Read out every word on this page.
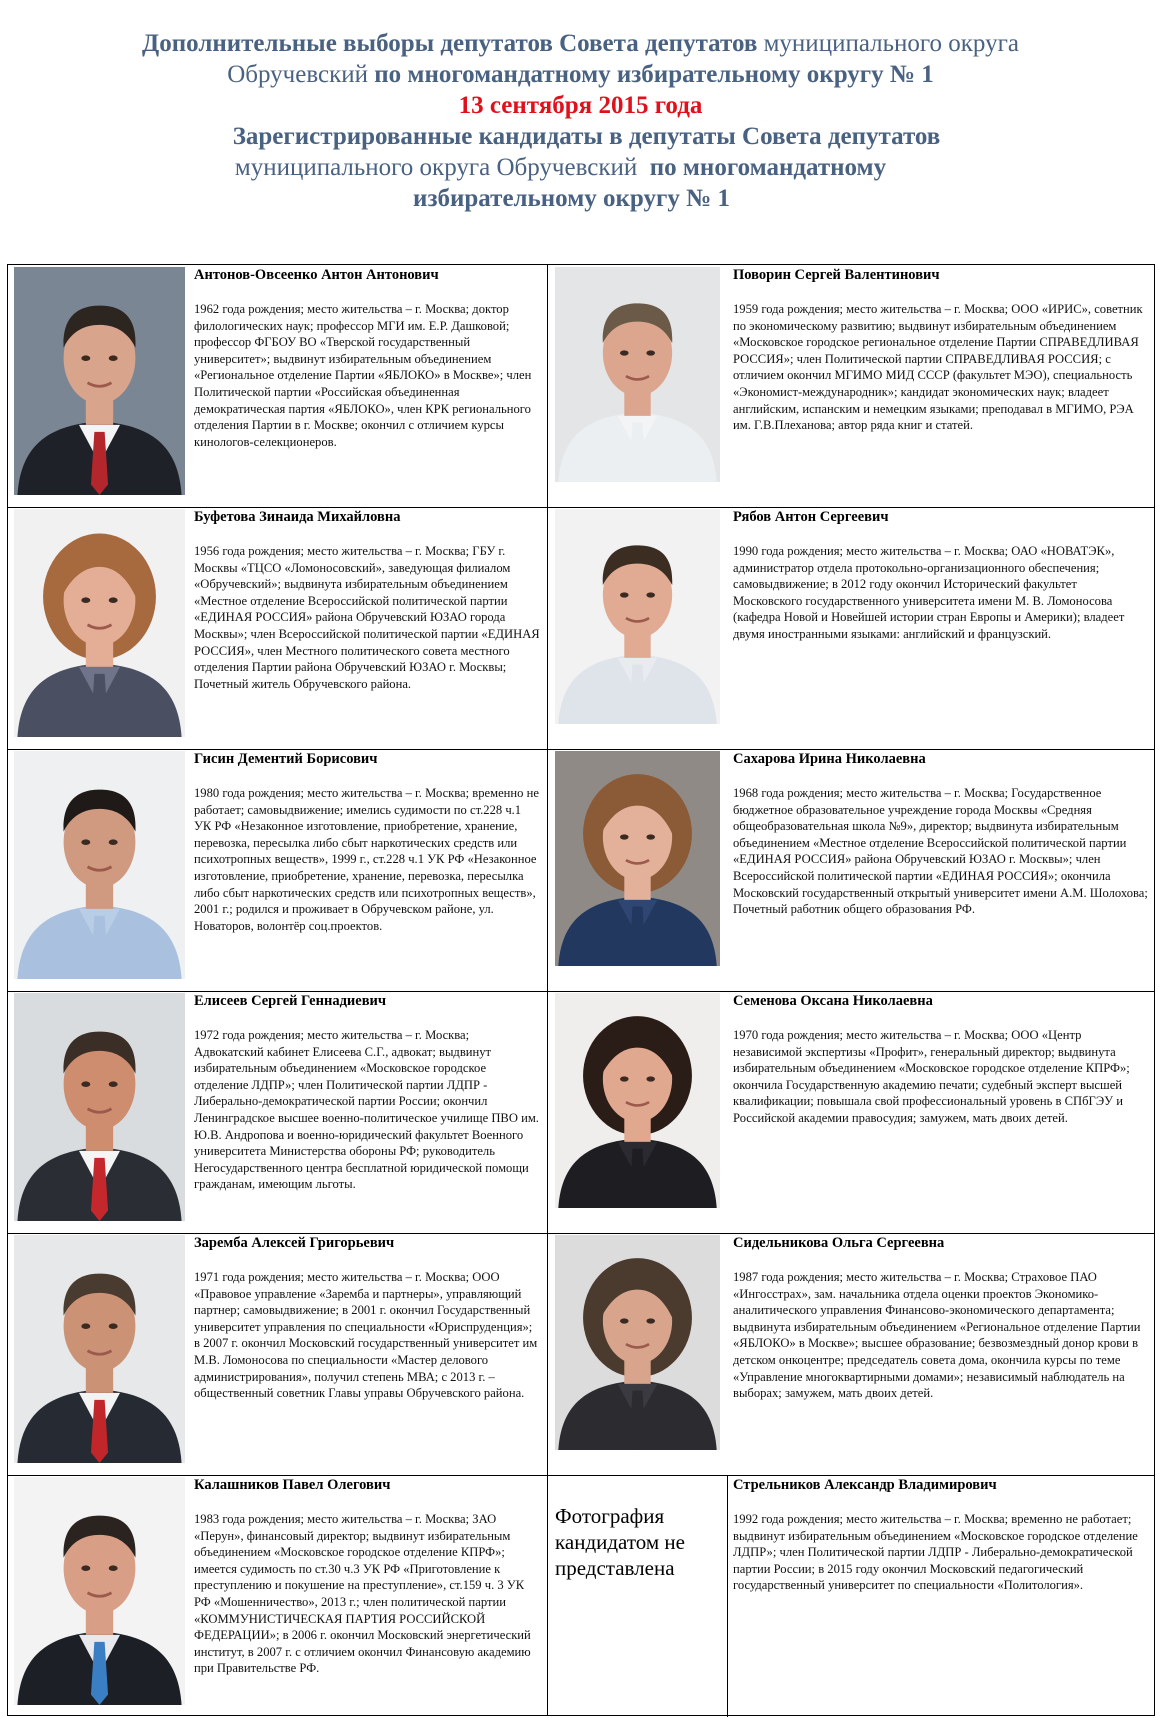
Дополнительные выборы депутатов Совета депутатов муниципального округа
Обручевский по многомандатному избирательному округу № 1
13 сентября 2015 года
Зарегистрированные кандидаты в депутаты Совета депутатов
муниципального округа Обручевский по многомандатному
избирательному округу № 1
Антонов-Овсеенко Антон Антонович
1962 года рождения; место жительства – г. Москва; доктор филологических наук; профессор МГИ им. Е.Р. Дашковой; профессор ФГБОУ ВО «Тверской государственный университет»; выдвинут избирательным объединением «Региональное отделение Партии «ЯБЛОКО» в Москве»; член Политической партии «Российская объединенная демократическая партия «ЯБЛОКО», член КРК регионального отделения Партии в г. Москве; окончил с отличием курсы кинологов-селекционеров.
Поворин Сергей Валентинович
1959 года рождения; место жительства – г. Москва; ООО «ИРИС», советник по экономическому развитию; выдвинут избирательным объединением «Московское городское региональное отделение Партии СПРАВЕДЛИВАЯ РОССИЯ»; член Политической партии СПРАВЕДЛИВАЯ РОССИЯ; с отличием окончил МГИМО МИД СССР (факультет МЭО), специальность «Экономист-международник»; кандидат экономических наук; владеет английским, испанским и немецким языками; преподавал в МГИМО, РЭА им. Г.В.Плеханова; автор ряда книг и статей.
Буфетова Зинаида Михайловна
1956 года рождения; место жительства – г. Москва; ГБУ г. Москвы «ТЦСО «Ломоносовский», заведующая филиалом «Обручевский»; выдвинута избирательным объединением «Местное отделение Всероссийской политической партии «ЕДИНАЯ РОССИЯ» района Обручевский ЮЗАО города Москвы»; член Всероссийской политической партии «ЕДИНАЯ РОССИЯ», член Местного политического совета местного отделения Партии района Обручевский ЮЗАО г. Москвы; Почетный житель Обручевского района.
Рябов Антон Сергеевич
1990 года рождения; место жительства – г. Москва; ОАО «НОВАТЭК», администратор отдела протокольно-организационного обеспечения; самовыдвижение; в 2012 году окончил Исторический факультет Московского государственного университета имени М. В. Ломоносова (кафедра Новой и Новейшей истории стран Европы и Америки); владеет двумя иностранными языками: английский и французский.
Гисин Дементий Борисович
1980 года рождения; место жительства – г. Москва; временно не работает; самовыдвижение; имелись судимости по ст.228 ч.1 УК РФ «Незаконное изготовление, приобретение, хранение, перевозка, пересылка либо сбыт наркотических средств или психотропных веществ», 1999 г., ст.228 ч.1 УК РФ «Незаконное изготовление, приобретение, хранение, перевозка, пересылка либо сбыт наркотических средств или психотропных веществ», 2001 г.; родился и проживает в Обручевском районе, ул. Новаторов, волонтёр соц.проектов.
Сахарова Ирина Николаевна
1968 года рождения; место жительства – г. Москва; Государственное бюджетное образовательное учреждение города Москвы «Средняя общеобразовательная школа №9», директор; выдвинута избирательным объединением «Местное отделение Всероссийской политической партии «ЕДИНАЯ РОССИЯ» района Обручевский ЮЗАО г. Москвы»; член Всероссийской политической партии «ЕДИНАЯ РОССИЯ»; окончила Московский государственный открытый университет имени А.М. Шолохова; Почетный работник общего образования РФ.
Елисеев Сергей Геннадиевич
1972 года рождения; место жительства – г. Москва; Адвокатский кабинет Елисеева С.Г., адвокат; выдвинут избирательным объединением «Московское городское отделение ЛДПР»; член Политической партии ЛДПР - Либерально-демократической партии России; окончил Ленинградское высшее военно-политическое училище ПВО им. Ю.В. Андропова и военно-юридический факультет Военного университета Министерства обороны РФ; руководитель Негосударственного центра бесплатной юридической помощи гражданам, имеющим льготы.
Семенова Оксана Николаевна
1970 года рождения; место жительства – г. Москва; ООО «Центр независимой экспертизы «Профит», генеральный директор; выдвинута избирательным объединением «Московское городское отделение КПРФ»; окончила Государственную академию печати; судебный эксперт высшей квалификации; повышала свой профессиональный уровень в СПбГЭУ и Российской академии правосудия; замужем, мать двоих детей.
Заремба Алексей Григорьевич
1971 года рождения; место жительства – г. Москва; ООО «Правовое управление «Заремба и партнеры», управляющий партнер; самовыдвижение; в 2001 г. окончил Государственный университет управления по специальности «Юриспруденция»; в 2007 г. окончил Московский государственный университет им М.В. Ломоносова по специальности «Мастер делового администрирования», получил степень МВА; с 2013 г. – общественный советник Главы управы Обручевского района.
Сидельникова Ольга Сергеевна
1987 года рождения; место жительства – г. Москва; Страховое ПАО «Ингосстрах», зам. начальника отдела оценки проектов Экономико-аналитического управления Финансово-экономического департамента; выдвинута избирательным объединением «Региональное отделение Партии «ЯБЛОКО» в Москве»; высшее образование; безвозмездный донор крови в детском онкоцентре; председатель совета дома, окончила курсы по теме «Управление многоквартирными домами»; независимый наблюдатель на выборах; замужем, мать двоих детей.
Калашников Павел Олегович
1983 года рождения; место жительства – г. Москва; ЗАО «Перун», финансовый директор; выдвинут избирательным объединением «Московское городское отделение КПРФ»; имеется судимость по ст.30 ч.3 УК РФ «Приготовление к преступлению и покушение на преступление», ст.159 ч. 3 УК РФ «Мошенничество», 2013 г.; член политической партии «КОММУНИСТИЧЕСКАЯ ПАРТИЯ РОССИЙСКОЙ ФЕДЕРАЦИИ»; в 2006 г. окончил Московский энергетический институт, в 2007 г. с отличием окончил Финансовую академию при Правительстве РФ.
Фотография кандидатом не представлена
Стрельников Александр Владимирович
1992 года рождения; место жительства – г. Москва; временно не работает; выдвинут избирательным объединением «Московское городское отделение ЛДПР»; член Политической партии ЛДПР - Либерально-демократической партии России; в 2015 году окончил Московский педагогический государственный университет по специальности «Политология».
